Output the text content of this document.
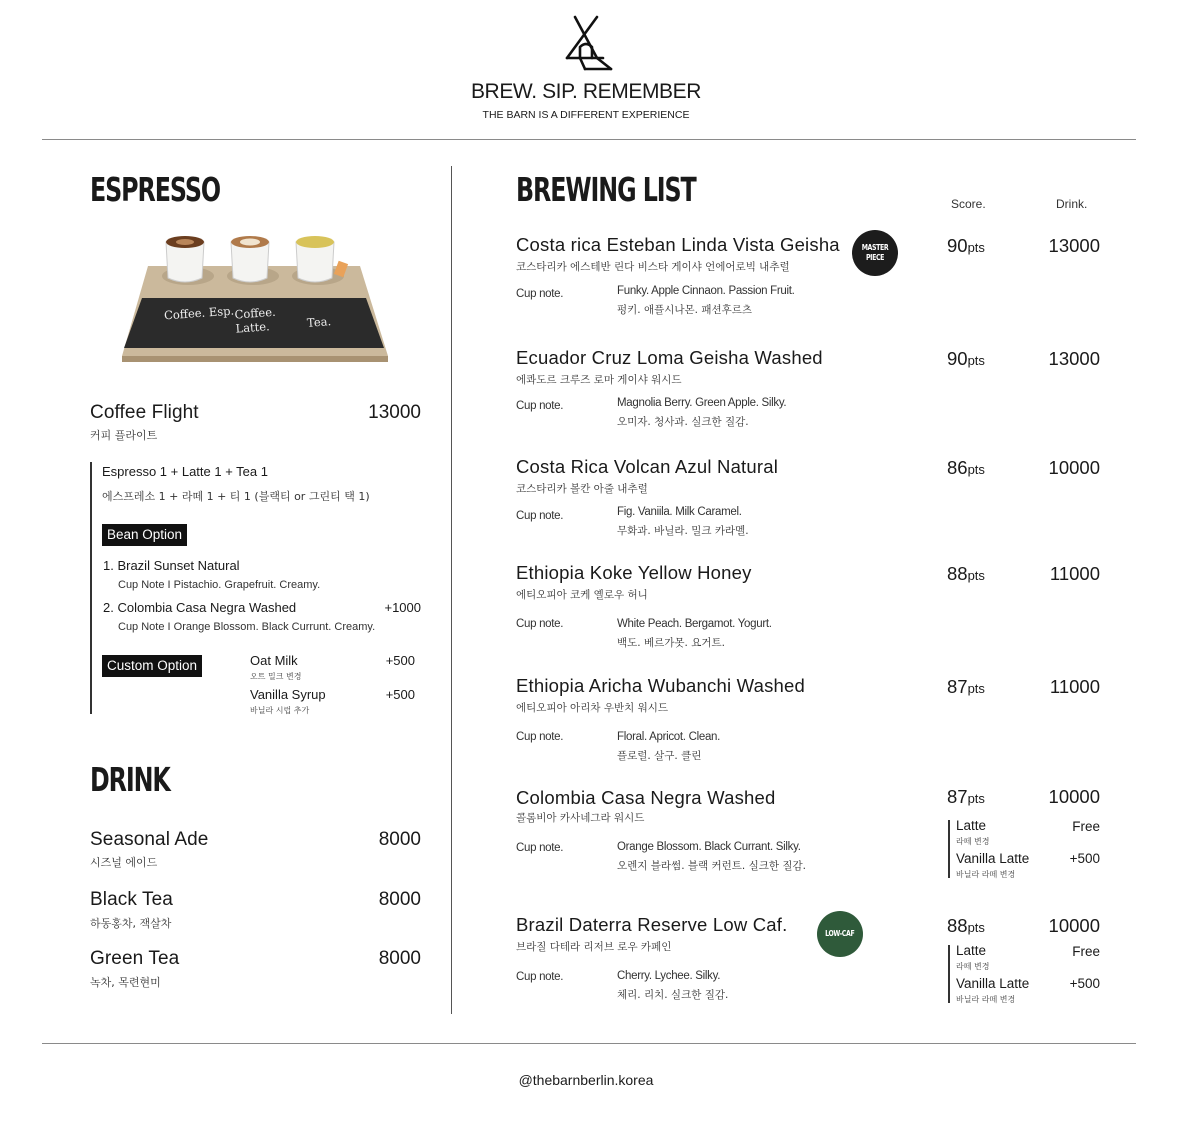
BREW. SIP. REMEMBER
THE BARN IS A DIFFERENT EXPERIENCE
ESPRESSO
Coffee. Esp. Coffee. Latte.	Tea.
Coffee Flight	13000
커피 플라이트
Espresso 1 + Latte 1 + Tea 1
에스프레소 1 + 라떼 1 + 티 1 (블랙티 or 그린티 택 1)
Bean Option
1. Brazil Sunset Natural
Cup Note I Pistachio. Grapefruit. Creamy.
2. Colombia Casa Negra Washed	+1000
Cup Note I Orange Blossom. Black Currunt. Creamy.
Custom Option	Oat Milk
오트 밀크 변경
+500
Vanilla Syrup
바닐라 시럽 추가
+500
DRINK
Seasonal Ade	8000
시즈널 에이드
Black Tea	8000
하동홍차, 잭살차
Green Tea	8000
녹차, 목련현미
BREWING LIST	Score.	Drink.
Costa rica Esteban Linda Vista Geisha
코스타리카 에스테반 린다 비스타 게이샤 언에어로빅 내추럴
MASTER PIECE
90pts	13000
Cup note.	Funky. Apple Cinnaon. Passion Fruit.
펑키. 애플시나몬. 패션후르츠
Ecuador Cruz Loma Geisha Washed
에콰도르 크루즈 로마 게이샤 워시드
90pts	13000
Cup note.	Magnolia Berry. Green Apple. Silky.
오미자. 청사과. 실크한 질감.
Costa Rica Volcan Azul Natural
코스타리카 볼칸 아줄 내추럴
86pts	10000
Cup note.	Fig. Vaniila. Milk Caramel.
무화과. 바닐라. 밀크 카라멜.
Ethiopia Koke Yellow Honey
에티오피아 코케 옐로우 허니
88pts	11000
Cup note.	White Peach. Bergamot. Yogurt.
백도. 베르가못. 요거트.
Ethiopia Aricha Wubanchi Washed
에티오피아 아리차 우반치 워시드
87pts	11000
Cup note.	Floral. Apricot. Clean.
플로럴. 살구. 클린
Colombia Casa Negra Washed
콜롬비아 카사네그라 워시드
87pts	10000
Cup note.	Orange Blossom. Black Currant. Silky.
오렌지 블라썸. 블랙 커런트. 실크한 질감.
Latte
라떼 변경
Free
Vanilla Latte
바닐라 라떼 변경
+500
Brazil Daterra Reserve Low Caf.
브라질 다테라 리저브 로우 카페인
LOW-CAF	88pts	10000
Cup note.	Cherry. Lychee. Silky.
체리. 리치. 실크한 질감.
Latte
라떼 변경
Free
Vanilla Latte
바닐라 라떼 변경
+500
@thebarnberlin.korea
